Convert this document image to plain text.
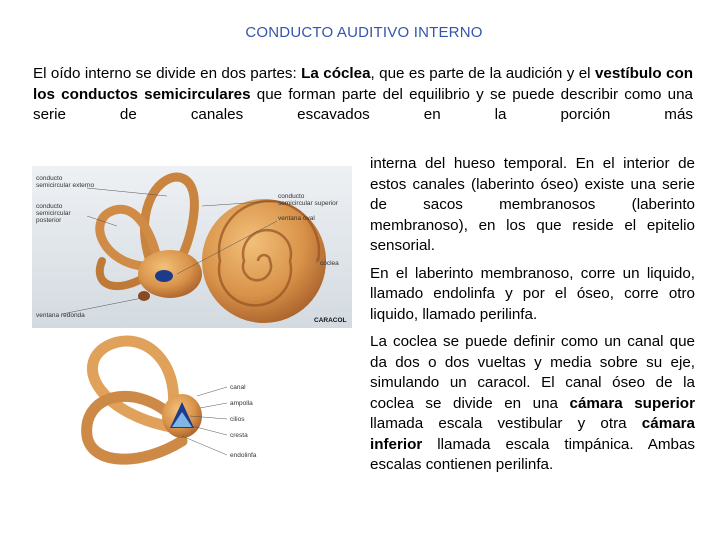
CONDUCTO AUDITIVO INTERNO
El oído interno se divide en dos partes: La cóclea, que es parte de la audición y el vestíbulo con los conductos semicirculares que forman parte del equilibrio y se puede describir como una serie de canales escavados en la porción más

interna del hueso temporal. En el interior de estos canales (laberinto óseo) existe una serie de sacos membranosos (laberinto membranoso), en los que reside el epitelio sensorial.

En el laberinto membranoso, corre un liquido, llamado endolinfa y por el óseo, corre otro liquido, llamado perilinfa.

La coclea se puede definir como un canal que da dos o dos vueltas y media sobre su eje, simulando un caracol. El canal óseo de la coclea se divide en una cámara superior llamada escala vestibular y otra cámara inferior llamada escala timpánica. Ambas escalas contienen perilinfa.

conducto
semicircular externo
conducto
semicircular
posterior
conducto
semicircular superior
ventana oval
cóclea
ventana redonda
CARACOL
canal
ampolla
cilios
cresta
endolinfa
